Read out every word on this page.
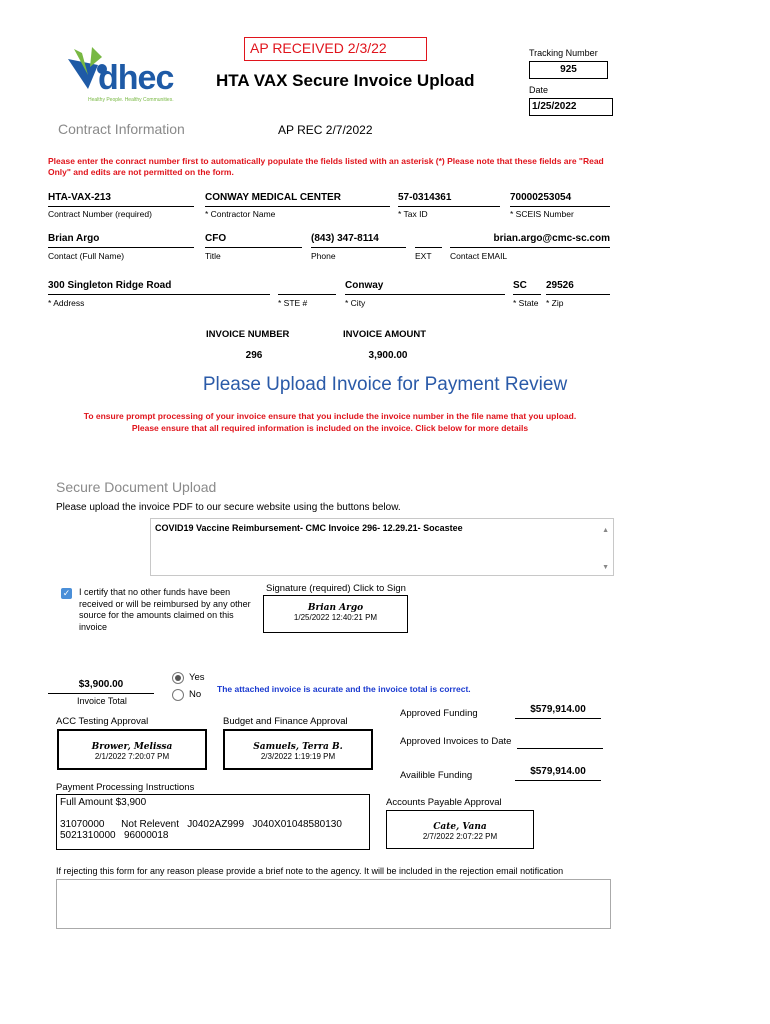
AP RECEIVED 2/3/22
dhec
Healthy People. Healthy Communities.
HTA VAX Secure Invoice Upload
Tracking Number
925
Date
1/25/2022
Contract Information	AP REC 2/7/2022
Please enter the conract number first to automatically populate the fields listed with an asterisk (*) Please note that these fields are "Read Only" and edits are not permitted on the form.
HTA-VAX-213
Contract Number (required)
CONWAY MEDICAL CENTER
* Contractor Name
57-0314361
* Tax ID
70000253054
* SCEIS Number
Brian Argo
Contact (Full Name)
CFO
Title
(843) 347-8114
Phone	EXT
brian.argo@cmc-sc.com
Contact EMAIL
300 Singleton Ridge Road
* Address	* STE #
Conway
* City
SC
* State
29526
* Zip
INVOICE NUMBER
296
INVOICE AMOUNT
3,900.00
Please Upload Invoice for Payment Review
To ensure prompt processing of your invoice ensure that you include the invoice number in the file name that you upload.
Please ensure that all required information is included on the invoice. Click below for more details
Secure Document Upload
Please upload the invoice PDF to our secure website using the buttons below.
COVID19 Vaccine Reimbursement- CMC Invoice 296- 12.29.21- Socastee	▲
▼
✓ I certify that no other funds have been received or will be reimbursed by any other source for the amounts claimed on this invoice
Signature (required) Click to Sign
Brian Argo
1/25/2022 12:40:21 PM
$3,900.00
Invoice Total
Yes
No The attached invoice is acurate and the invoice total is correct.
ACC Testing Approval
Brower, Melissa
2/1/2022 7:20:07 PM
Budget and Finance Approval
Samuels, Terra B.
2/3/2022 1:19:19 PM
Approved Funding	$579,914.00
Approved Invoices to Date
Availible Funding	$579,914.00
Payment Processing Instructions
Full Amount $3,900
31070000      Not Relevent   J0402AZ999   J040X01048580130
5021310000   96000018
Accounts Payable Approval
Cate, Vana
2/7/2022 2:07:22 PM
If rejecting this form for any reason please provide a brief note to the agency. It will be included in the rejection email notification
